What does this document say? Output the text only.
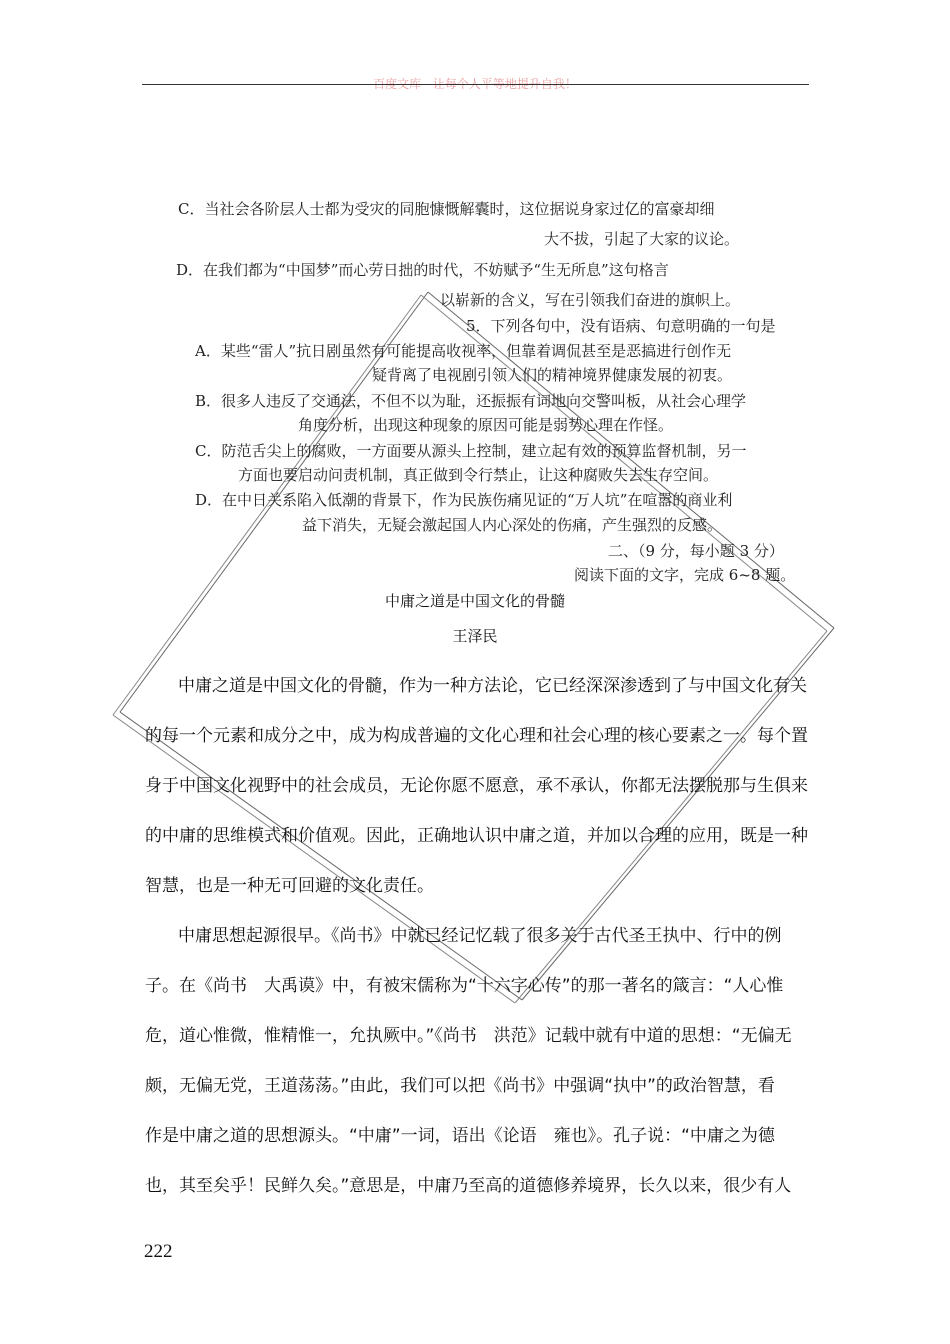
百度文库 - 让每个人平等地提升自我！
C．当社会各阶层人士都为受灾的同胞慷慨解囊时，这位据说身家过亿的富豪却细
大不拔，引起了大家的议论。
D．在我们都为“中国梦”而心劳日拙的时代，不妨赋予“生无所息”这句格言
以崭新的含义，写在引领我们奋进的旗帜上。
5．下列各句中，没有语病、句意明确的一句是
A．某些“雷人”抗日剧虽然有可能提高收视率，但靠着调侃甚至是恶搞进行创作无
疑背离了电视剧引领人们的精神境界健康发展的初衷。
B．很多人违反了交通法，不但不以为耻，还振振有词地向交警叫板，从社会心理学
角度分析，出现这种现象的原因可能是弱势心理在作怪。
C．防范舌尖上的腐败，一方面要从源头上控制，建立起有效的预算监督机制，另一
方面也要启动问责机制，真正做到令行禁止，让这种腐败失去生存空间。
D．在中日关系陷入低潮的背景下，作为民族伤痛见证的“万人坑”在喧嚣的商业利
益下消失，无疑会激起国人内心深处的伤痛，产生强烈的反感。
二、（9 分，每小题 3 分）
阅读下面的文字，完成 6~8 题。
中庸之道是中国文化的骨髓
王泽民
中庸之道是中国文化的骨髓，作为一种方法论，它已经深深渗透到了与中国文化有关
的每一个元素和成分之中，成为构成普遍的文化心理和社会心理的核心要素之一。每个置
身于中国文化视野中的社会成员，无论你愿不愿意，承不承认，你都无法摆脱那与生俱来
的中庸的思维模式和价值观。因此，正确地认识中庸之道，并加以合理的应用，既是一种
智慧，也是一种无可回避的文化责任。
中庸思想起源很早。《尚书》中就已经记忆载了很多关于古代圣王执中、行中的例
子。在《尚书　大禹谟》中，有被宋儒称为“十六字心传”的那一著名的箴言：“人心惟
危，道心惟微，惟精惟一，允执厥中。”《尚书　洪范》记载中就有中道的思想：“无偏无
颇，无偏无党，王道荡荡。”由此，我们可以把《尚书》中强调“执中”的政治智慧，看
作是中庸之道的思想源头。“中庸”一词，语出《论语　雍也》。孔子说：“中庸之为德
也，其至矣乎！民鲜久矣。”意思是，中庸乃至高的道德修养境界，长久以来，很少有人
222
